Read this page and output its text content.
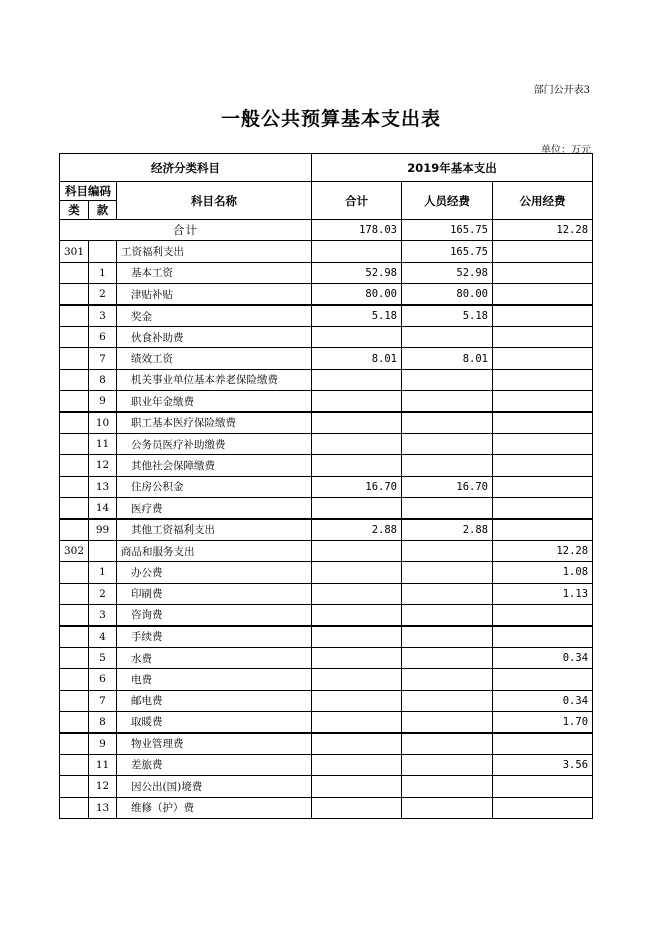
部门公开表3
一般公共预算基本支出表
单位：万元
经济分类科目			2019年基本支出		
科目编码		科目名称	合计	人员经费	公用经费
类	款				
合计			178.03	165.75	12.28
301		工资福利支出		165.75	
	1	基本工资	52.98	52.98	
	2	津贴补贴	80.00	80.00	
	3	奖金	5.18	5.18	
	6	伙食补助费			
	7	绩效工资	8.01	8.01	
	8	机关事业单位基本养老保险缴费			
	9	职业年金缴费			
	10	职工基本医疗保险缴费			
	11	公务员医疗补助缴费			
	12	其他社会保障缴费			
	13	住房公积金	16.70	16.70	
	14	医疗费			
	99	其他工资福利支出	2.88	2.88	
302		商品和服务支出			12.28
	1	办公费			1.08
	2	印刷费			1.13
	3	咨询费			
	4	手续费			
	5	水费			0.34
	6	电费			
	7	邮电费			0.34
	8	取暖费			1.70
	9	物业管理费			
	11	差旅费			3.56
	12	因公出(国)境费			
	13	维修（护）费			
